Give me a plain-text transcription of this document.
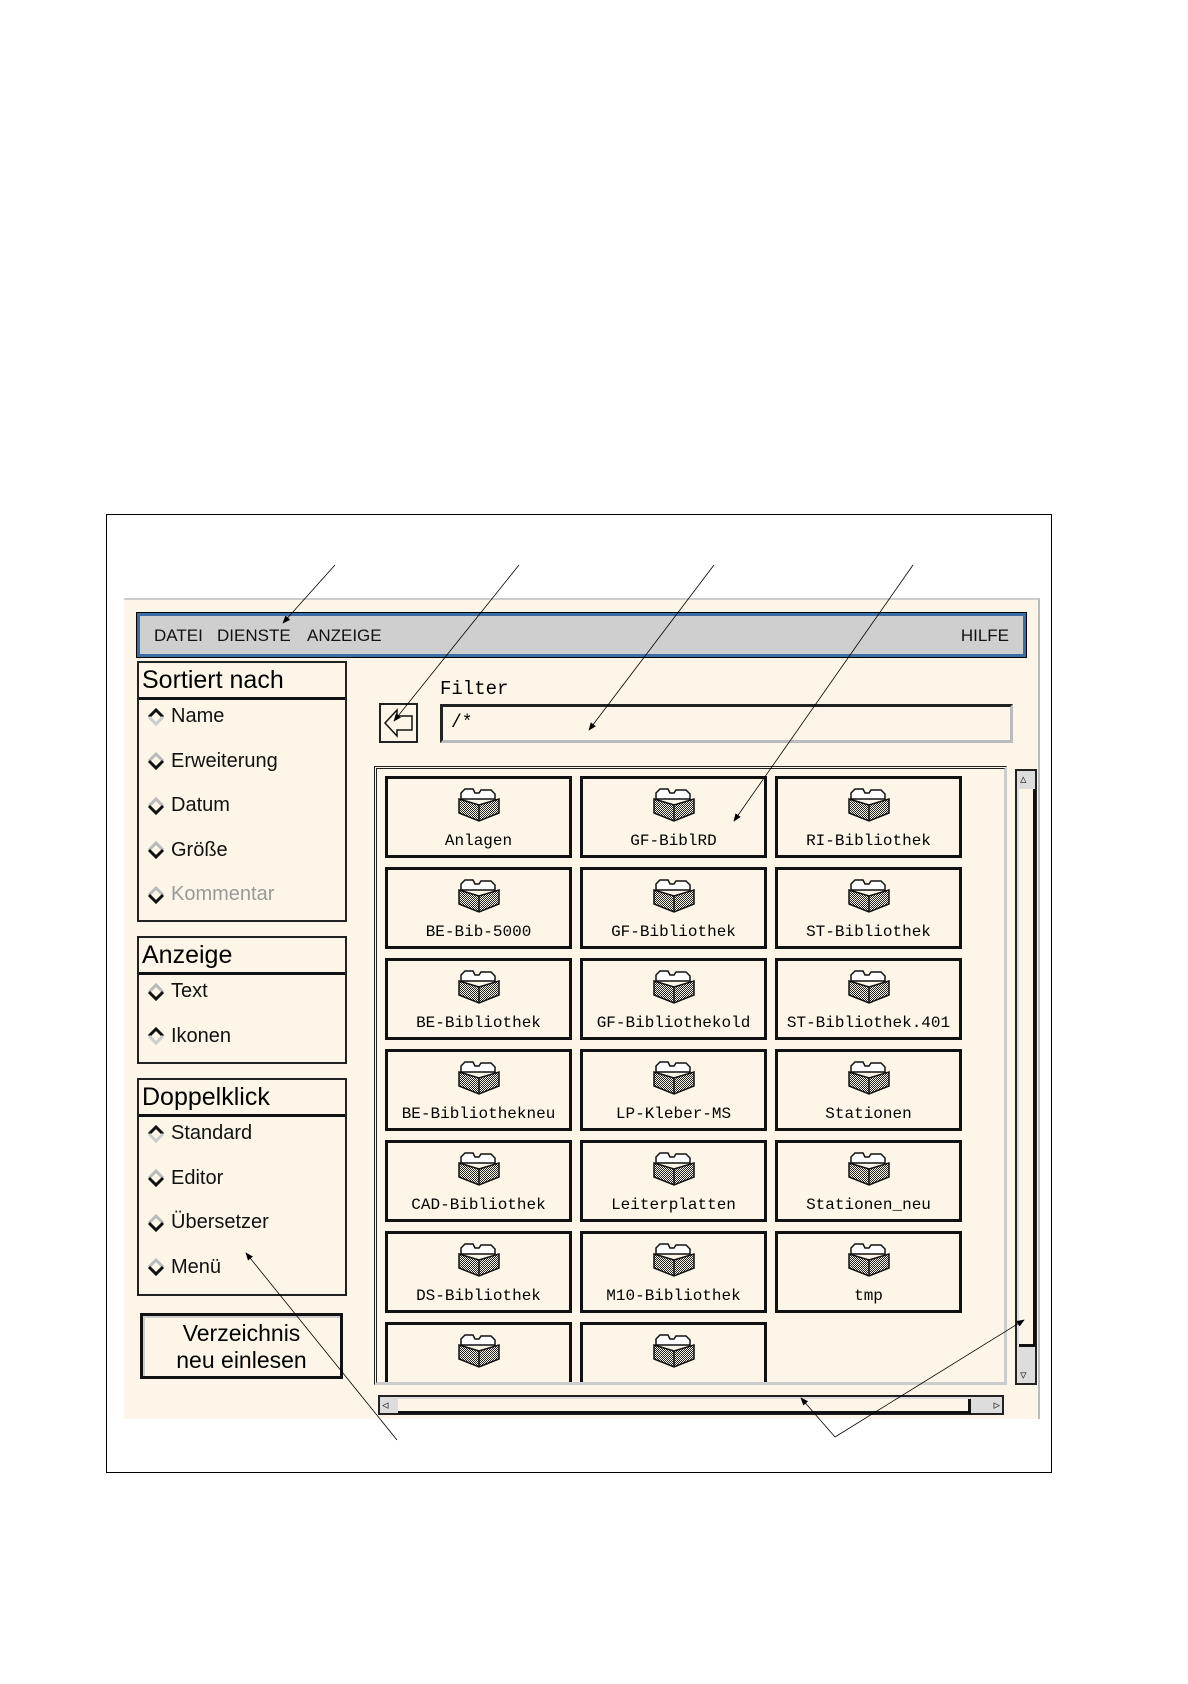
DATEI DIENSTE ANZEIGE	HILFE
Sortiert nach
Name
Erweiterung
Datum
Größe
Kommentar
Anzeige
Text
Ikonen
Doppelklick
Standard
Editor
Übersetzer
Menü
Verzeichnis
neu einlesen
Filter
/*
Anlagen	GF-BiblRD	RI-Bibliothek
BE-Bib-5000	GF-Bibliothek	ST-Bibliothek
BE-Bibliothek	GF-Bibliothekold	ST-Bibliothek.401
BE-Bibliothekneu	LP-Kleber-MS	Stationen
CAD-Bibliothek	Leiterplatten	Stationen_neu
DS-Bibliothek	M10-Bibliothek	tmp
▵
▿
◃	▹
